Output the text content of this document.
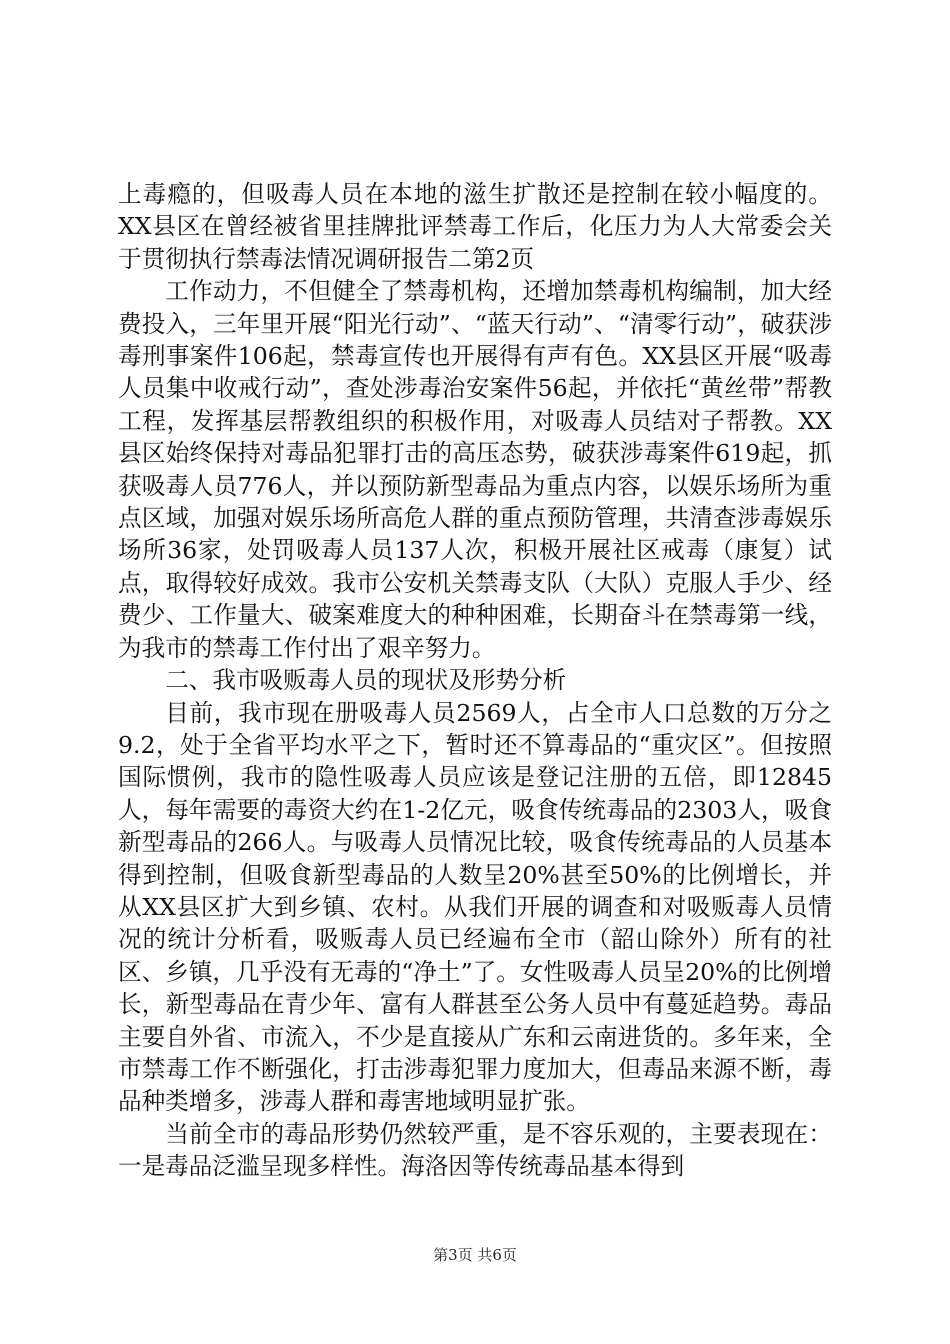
上毒瘾的，但吸毒人员在本地的滋生扩散还是控制在较小幅度的。XX县区在曾经被省里挂牌批评禁毒工作后，化压力为人大常委会关于贯彻执行禁毒法情况调研报告二第2页

工作动力，不但健全了禁毒机构，还增加禁毒机构编制，加大经费投入，三年里开展“阳光行动”、“蓝天行动”、“清零行动”，破获涉毒刑事案件106起，禁毒宣传也开展得有声有色。XX县区开展“吸毒人员集中收戒行动”，查处涉毒治安案件56起，并依托“黄丝带”帮教工程，发挥基层帮教组织的积极作用，对吸毒人员结对子帮教。XX县区始终保持对毒品犯罪打击的高压态势，破获涉毒案件619起，抓获吸毒人员776人，并以预防新型毒品为重点内容，以娱乐场所为重点区域，加强对娱乐场所高危人群的重点预防管理，共清查涉毒娱乐场所36家，处罚吸毒人员137人次，积极开展社区戒毒（康复）试点，取得较好成效。我市公安机关禁毒支队（大队）克服人手少、经费少、工作量大、破案难度大的种种困难，长期奋斗在禁毒第一线，为我市的禁毒工作付出了艰辛努力。

二、我市吸贩毒人员的现状及形势分析

目前，我市现在册吸毒人员2569人，占全市人口总数的万分之9.2，处于全省平均水平之下，暂时还不算毒品的“重灾区”。但按照国际惯例，我市的隐性吸毒人员应该是登记注册的五倍，即12845人，每年需要的毒资大约在1-2亿元，吸食传统毒品的2303人，吸食新型毒品的266人。与吸毒人员情况比较，吸食传统毒品的人员基本得到控制，但吸食新型毒品的人数呈20%甚至50%的比例增长，并从XX县区扩大到乡镇、农村。从我们开展的调查和对吸贩毒人员情况的统计分析看，吸贩毒人员已经遍布全市（韶山除外）所有的社区、乡镇，几乎没有无毒的“净土”了。女性吸毒人员呈20%的比例增长，新型毒品在青少年、富有人群甚至公务人员中有蔓延趋势。毒品主要自外省、市流入，不少是直接从广东和云南进货的。多年来，全市禁毒工作不断强化，打击涉毒犯罪力度加大，但毒品来源不断，毒品种类增多，涉毒人群和毒害地域明显扩张。

当前全市的毒品形势仍然较严重，是不容乐观的，主要表现在：一是毒品泛滥呈现多样性。海洛因等传统毒品基本得到

第3页 共6页
